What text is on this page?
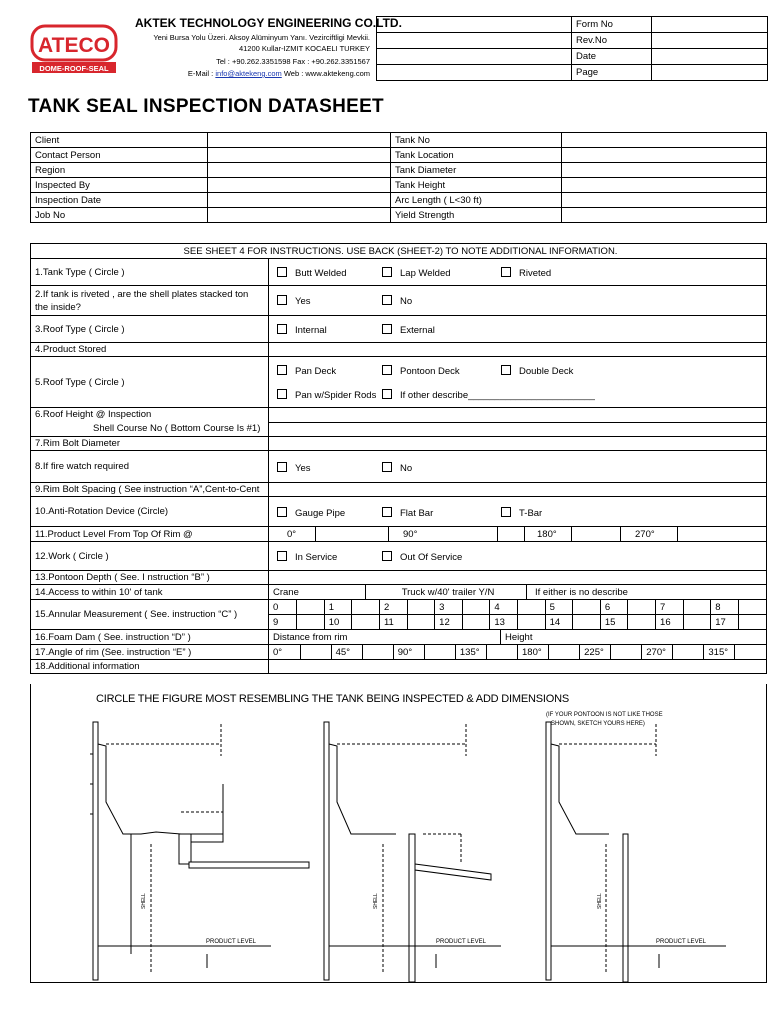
ATECO
DOME-ROOF-SEAL
AKTEK TECHNOLOGY ENGINEERING CO.LTD.
Yeni Bursa Yolu Üzeri. Aksoy Alüminyum Yanı. Vezirciftligi Mevkii.
41200 Kullar-IZMIT KOCAELI TURKEY
Tel : +90.262.3351598 Fax : +90.262.3351567
E-Mail : info@aktekeng.com Web : www.aktekeng.com
	Form No	
	Rev.No	
	Date	
	Page	
TANK SEAL INSPECTION DATASHEET
Client		Tank No	
Contact Person		Tank Location	
Region		Tank Diameter	
Inspected By		Tank Height	
Inspection Date		Arc Length ( L<30 ft)	
Job No		Yield Strength	
SEE SHEET 4 FOR INSTRUCTIONS. USE BACK (SHEET-2) TO NOTE ADDITIONAL INFORMATION.
1.Tank Type ( Circle )	Butt Welded	Lap Welded	Riveted

2.If tank is riveted , are the shell plates stacked ton
the inside?	Yes	No

3.Roof Type ( Circle )	Internal	External

4.Product Stored	
5.Roof Type ( Circle )	
Pan Deck	Pontoon Deck	Double Deck
Pan w/Spider Rods	If other describe________________________

6.Roof Height @ Inspection
Shell Course No ( Bottom Course Is #1)	

7.Rim Bolt Diameter	
8.If fire watch required	Yes	No

9.Rim Bolt Spacing ( See instruction “A”,Cent-to-Cent	
10.Anti-Rotation Device (Circle)	Gauge Pipe	Flat Bar	T-Bar

11.Product Level From Top Of Rim @		0°		90°		180°		270°	

12.Work ( Circle )	In Service	Out Of Service

13.Pontoon Depth ( See. I nstruction “B” )	
14.Access to within 10' of tank		Crane	Truck w/40' trailer Y/N	If either is no describe

15.Annular Measurement ( See. instruction “C” )	
0		1		2		3		4		5		6		7		8	
9		10		11		12		13		14		15		16		17	

16.Foam Dam ( See. instruction “D” )		Distance from rim	Height

17.Angle of rim (See. instruction “E” )		0°		45°		90°		135°		180°		225°		270°		315°	

18.Additional information	
CIRCLE THE FIGURE MOST RESEMBLING THE TANK BEING INSPECTED & ADD DIMENSIONS
(IF YOUR PONTOON IS NOT LIKE THOSE
SHOWN, SKETCH YOURS HERE)
SHELL
PRODUCT LEVEL
SHELL
PRODUCT LEVEL
SHELL
PRODUCT LEVEL
